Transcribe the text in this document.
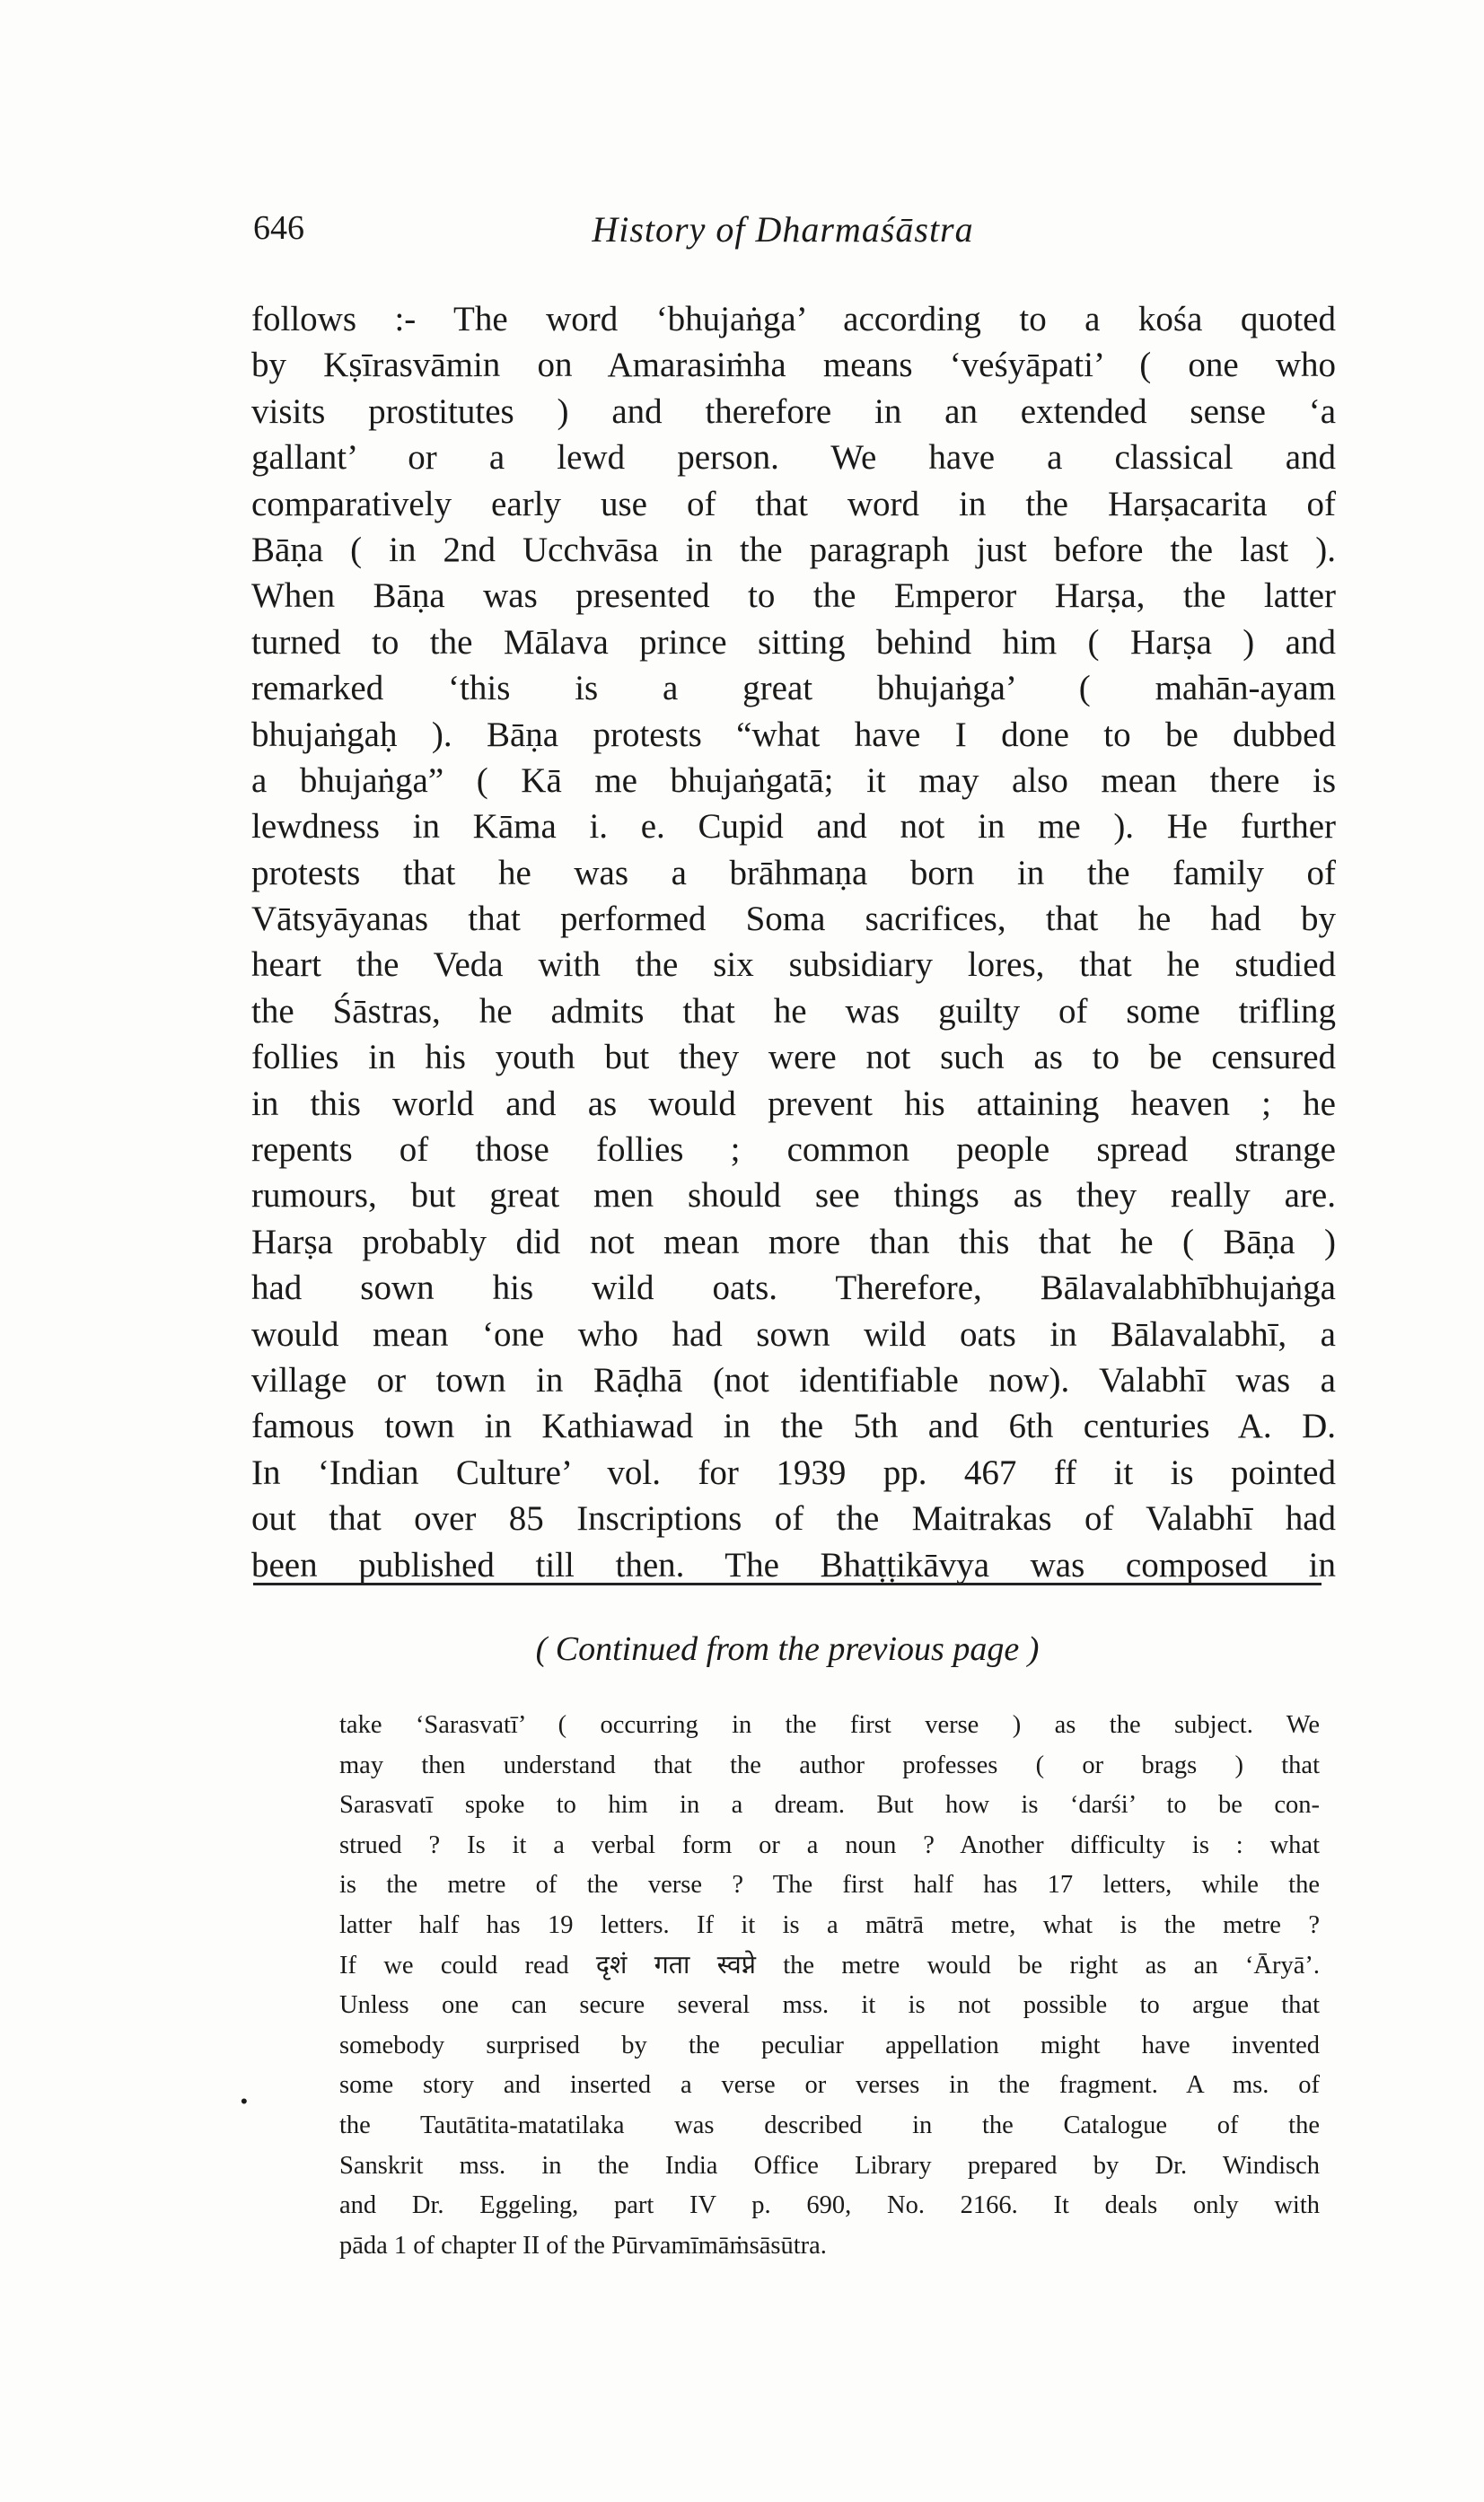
646	History of Dharmaśāstra
follows :- The word ‘bhujaṅga’ according to a kośa quoted
by Kṣīrasvāmin on Amarasiṁha means ‘veśyāpati’ ( one who
visits prostitutes ) and therefore in an extended sense ‘a
gallant’ or a lewd person. We have a classical and
comparatively early use of that word in the Harṣacarita of
Bāṇa ( in 2nd Ucchvāsa in the paragraph just before the last ).
When Bāṇa was presented to the Emperor Harṣa, the latter
turned to the Mālava prince sitting behind him ( Harṣa ) and
remarked ‘this is a great bhujaṅga’ ( mahān-ayam
bhujaṅgaḥ ). Bāṇa protests “what have I done to be dubbed
a bhujaṅga” ( Kā me bhujaṅgatā; it may also mean there is
lewdness in Kāma i. e. Cupid and not in me ). He further
protests that he was a brāhmaṇa born in the family of
Vātsyāyanas that performed Soma sacrifices, that he had by
heart the Veda with the six subsidiary lores, that he studied
the Śāstras, he admits that he was guilty of some trifling
follies in his youth but they were not such as to be censured
in this world and as would prevent his attaining heaven ; he
repents of those follies ; common people spread strange
rumours, but great men should see things as they really are.
Harṣa probably did not mean more than this that he ( Bāṇa )
had sown his wild oats. Therefore, Bālavalabhībhujaṅga
would mean ‘one who had sown wild oats in Bālavalabhī, a
village or town in Rāḍhā (not identifiable now). Valabhī was a
famous town in Kathiawad in the 5th and 6th centuries A. D.
In ‘Indian Culture’ vol. for 1939 pp. 467 ff it is pointed
out that over 85 Inscriptions of the Maitrakas of Valabhī had
been published till then. The Bhaṭṭikāvya was composed in
( Continued from the previous page )
take ‘Sarasvatī’ ( occurring in the first verse ) as the subject. We
may then understand that the author professes ( or brags ) that
Sarasvatī spoke to him in a dream. But how is ‘darśi’ to be con-
strued ? Is it a verbal form or a noun ? Another difficulty is : what
is the metre of the verse ? The first half has 17 letters, while the
latter half has 19 letters. If it is a mātrā metre, what is the metre ?
If we could read दृशं गता स्वप्ने the metre would be right as an ‘Āryā’.
Unless one can secure several mss. it is not possible to argue that
somebody surprised by the peculiar appellation might have invented
some story and inserted a verse or verses in the fragment. A ms. of
the Tautātita-matatilaka was described in the Catalogue of the
Sanskrit mss. in the India Office Library prepared by Dr. Windisch
and Dr. Eggeling, part IV p. 690, No. 2166. It deals only with
pāda 1 of chapter II of the Pūrvamīmāṁsāsūtra.
•
